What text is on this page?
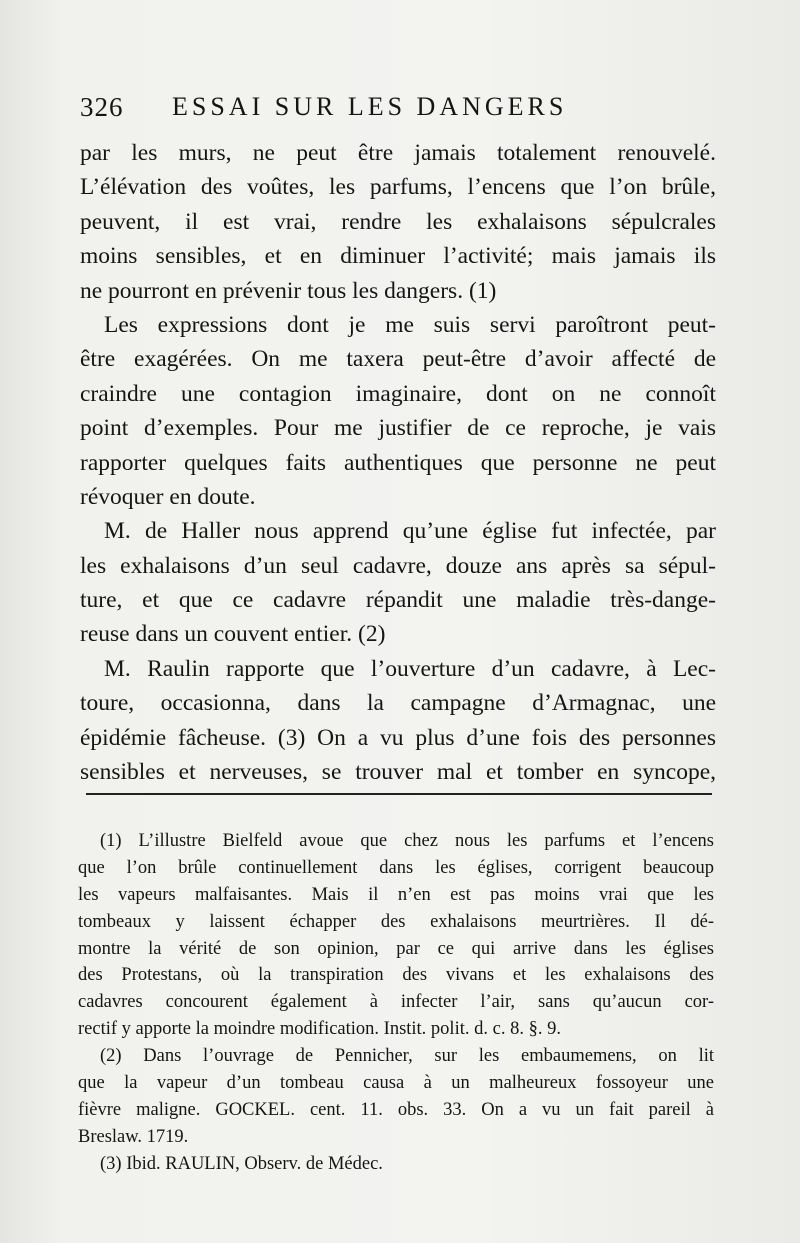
326 ESSAI SUR LES DANGERS
par les murs, ne peut être jamais totalement renouvelé.
L’élévation des voûtes, les parfums, l’encens que l’on brûle,
peuvent, il est vrai, rendre les exhalaisons sépulcrales
moins sensibles, et en diminuer l’activité; mais jamais ils
ne pourront en prévenir tous les dangers. (1)
Les expressions dont je me suis servi paroîtront peut-
être exagérées. On me taxera peut-être d’avoir affecté de
craindre une contagion imaginaire, dont on ne connoît
point d’exemples. Pour me justifier de ce reproche, je vais
rapporter quelques faits authentiques que personne ne peut
révoquer en doute.
M. de Haller nous apprend qu’une église fut infectée, par
les exhalaisons d’un seul cadavre, douze ans après sa sépul-
ture, et que ce cadavre répandit une maladie très-dange-
reuse dans un couvent entier. (2)
M. Raulin rapporte que l’ouverture d’un cadavre, à Lec-
toure, occasionna, dans la campagne d’Armagnac, une
épidémie fâcheuse. (3) On a vu plus d’une fois des personnes
sensibles et nerveuses, se trouver mal et tomber en syncope,
(1) L’illustre Bielfeld avoue que chez nous les parfums et l’encens
que l’on brûle continuellement dans les églises, corrigent beaucoup
les vapeurs malfaisantes. Mais il n’en est pas moins vrai que les
tombeaux y laissent échapper des exhalaisons meurtrières. Il dé-
montre la vérité de son opinion, par ce qui arrive dans les églises
des Protestans, où la transpiration des vivans et les exhalaisons des
cadavres concourent également à infecter l’air, sans qu’aucun cor-
rectif y apporte la moindre modification. Instit. polit. d. c. 8. §. 9.
(2) Dans l’ouvrage de Pennicher, sur les embaumemens, on lit
que la vapeur d’un tombeau causa à un malheureux fossoyeur une
fièvre maligne. GOCKEL. cent. 11. obs. 33. On a vu un fait pareil à
Breslaw. 1719.
(3) Ibid. RAULIN, Observ. de Médec.
